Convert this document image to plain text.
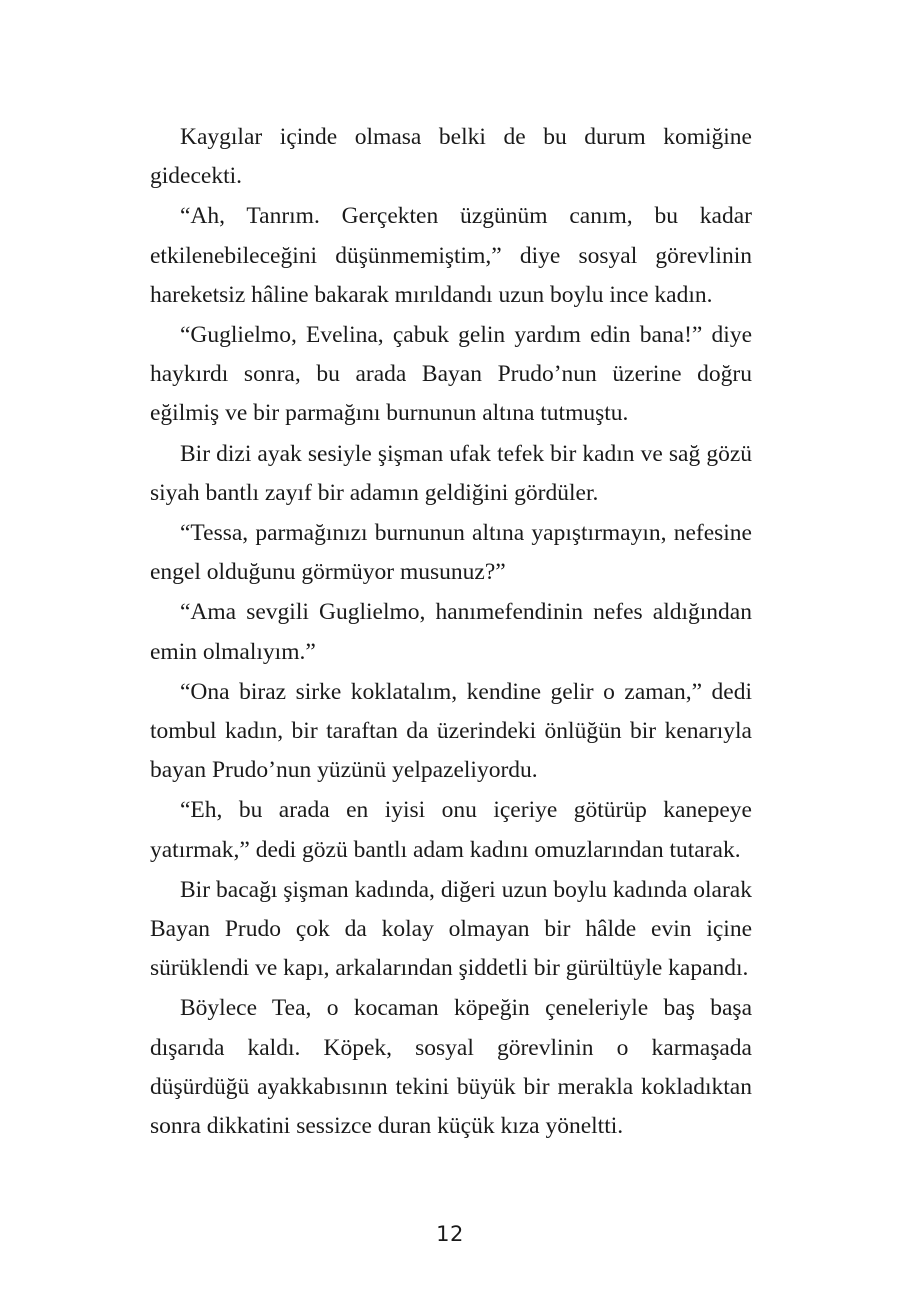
Kaygılar içinde olmasa belki de bu durum komiğine gidecekti.

“Ah, Tanrım. Gerçekten üzgünüm canım, bu kadar etkilenebileceğini düşünmemiştim,” diye sosyal görevlinin hareketsiz hâline bakarak mırıldandı uzun boylu ince kadın.

“Guglielmo, Evelina, çabuk gelin yardım edin bana!” diye haykırdı sonra, bu arada Bayan Prudo’nun üzerine doğru eğilmiş ve bir parmağını burnunun altına tutmuştu.

Bir dizi ayak sesiyle şişman ufak tefek bir kadın ve sağ gözü siyah bantlı zayıf bir adamın geldiğini gördüler.

“Tessa, parmağınızı burnunun altına yapıştırmayın, nefesine engel olduğunu görmüyor musunuz?”

“Ama sevgili Guglielmo, hanımefendinin nefes aldığından emin olmalıyım.”

“Ona biraz sirke koklatalım, kendine gelir o zaman,” dedi tombul kadın, bir taraftan da üzerindeki önlüğün bir kenarıyla bayan Prudo’nun yüzünü yelpazeliyordu.

“Eh, bu arada en iyisi onu içeriye götürüp kanepeye yatırmak,” dedi gözü bantlı adam kadını omuzlarından tutarak.

Bir bacağı şişman kadında, diğeri uzun boylu kadında olarak Bayan Prudo çok da kolay olmayan bir hâlde evin içine sürüklendi ve kapı, arkalarından şiddetli bir gürültüyle kapandı.

Böylece Tea, o kocaman köpeğin çeneleriyle baş başa dışarıda kaldı. Köpek, sosyal görevlinin o karmaşada düşürdüğü ayakkabısının tekini büyük bir merakla kokladıktan sonra dikkatini sessizce duran küçük kıza yöneltti.

12
